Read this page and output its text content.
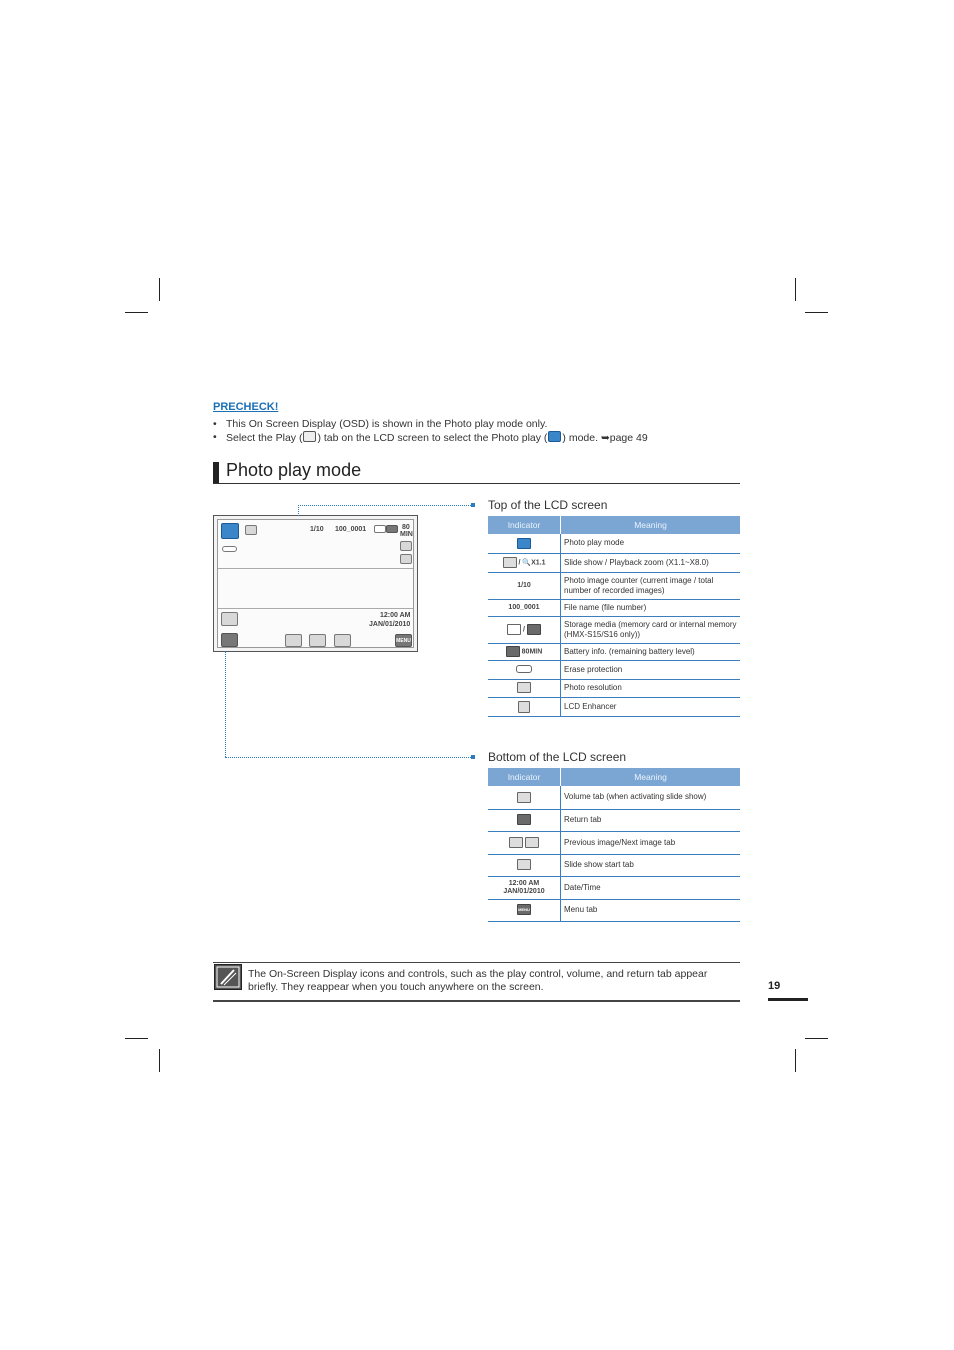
PRECHECK!
• This On Screen Display (OSD) is shown in the Photo play mode only.
• Select the Play ( ) tab on the LCD screen to select the Photo play ( ) mode. ➥page 49
Photo play mode
1/10 100_0001	80
MIN
12:00 AM
JAN/01/2010
MENU
Top of the LCD screen
Indicator	Meaning
	Photo play mode
/ 🔍X1.1	Slide show / Playback zoom (X1.1~X8.0)
1/10	Photo image counter (current image / total number of recorded images)
100_0001	File name (file number)
/	Storage media (memory card or internal memory (HMX-S15/S16 only))
80MIN	Battery info. (remaining battery level)
	Erase protection
	Photo resolution
	LCD Enhancer
Bottom of the LCD screen
Indicator	Meaning
	Volume tab (when activating slide show)
	Return tab
	Previous image/Next image tab
	Slide show start tab
12:00 AM
JAN/01/2010	Date/Time
MENU	Menu tab
The On-Screen Display icons and controls, such as the play control, volume, and return tab appear briefly. They reappear when you touch anywhere on the screen.	19
